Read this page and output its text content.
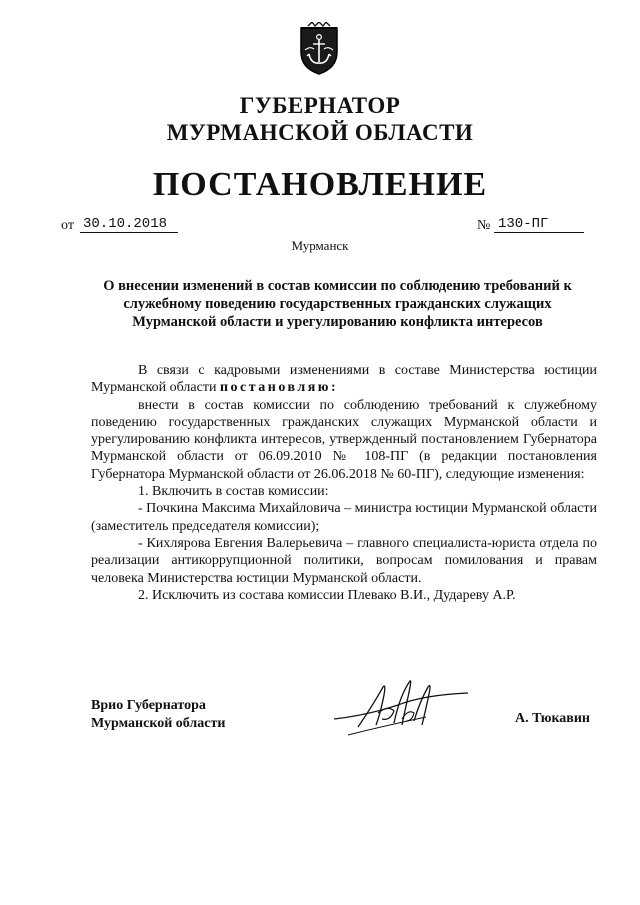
ГУБЕРНАТОР
МУРМАНСКОЙ ОБЛАСТИ
ПОСТАНОВЛЕНИЕ
от 30.10.2018	№ 130-ПГ
Мурманск
О внесении изменений в состав комиссии по соблюдению требований к служебному поведению государственных гражданских служащих Мурманской области и урегулированию конфликта интересов

В связи с кадровыми изменениями в составе Министерства юстиции Мурманской области постановляю:

внести в состав комиссии по соблюдению требований к служебному поведению государственных гражданских служащих Мурманской области и урегулированию конфликта интересов, утвержденный постановлением Губернатора Мурманской области от 06.09.2010 № 108-ПГ (в редакции постановления Губернатора Мурманской области от 26.06.2018 № 60-ПГ), следующие изменения:

1. Включить в состав комиссии:

- Почкина Максима Михайловича – министра юстиции Мурманской области (заместитель председателя комиссии);

- Кихлярова Евгения Валерьевича – главного специалиста-юриста отдела по реализации антикоррупционной политики, вопросам помилования и правам человека Министерства юстиции Мурманской области.

2. Исключить из состава комиссии Плевако В.И., Дудареву А.Р.

Врио Губернатора
Мурманской области	А. Тюкавин
